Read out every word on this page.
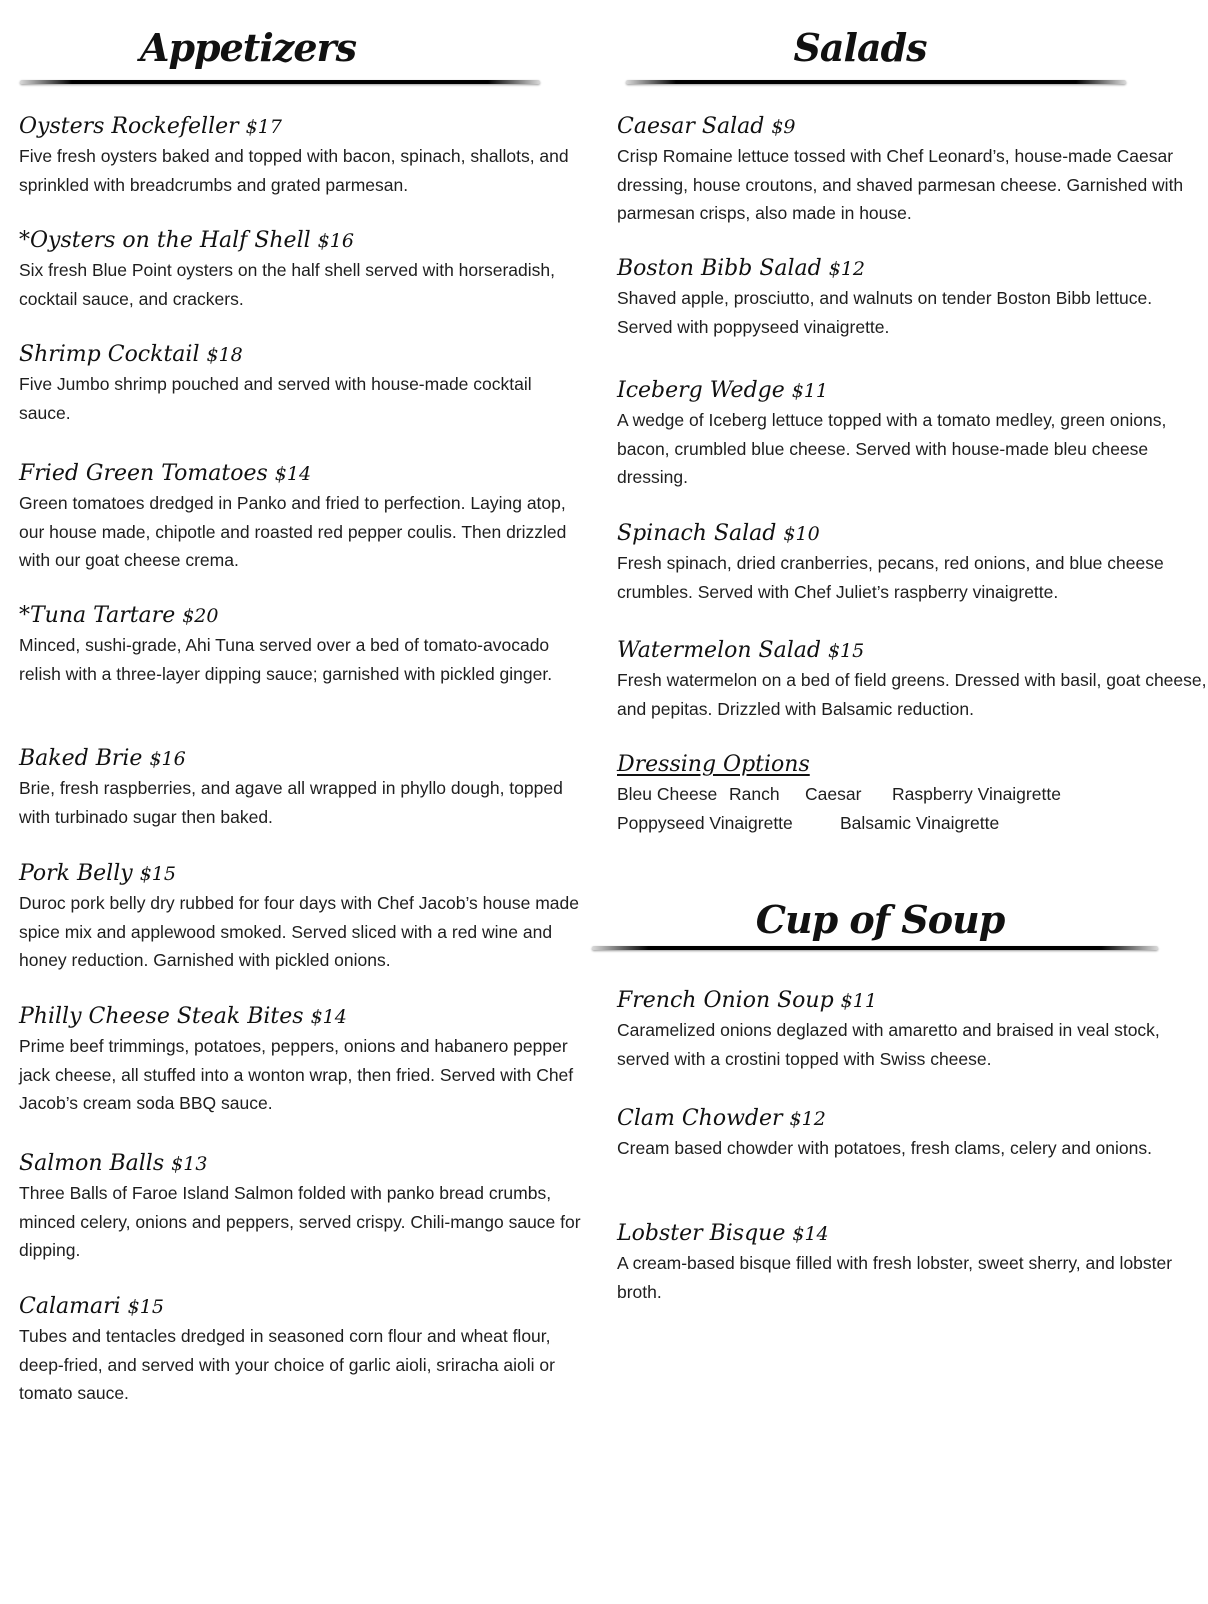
Appetizers
Oysters Rockefeller $17
Five fresh oysters baked and topped with bacon, spinach, shallots, and sprinkled with breadcrumbs and grated parmesan.
*Oysters on the Half Shell $16
Six fresh Blue Point oysters on the half shell served with horseradish, cocktail sauce, and crackers.
Shrimp Cocktail $18
Five Jumbo shrimp pouched and served with house-made cocktail sauce.
Fried Green Tomatoes $14
Green tomatoes dredged in Panko and fried to perfection. Laying atop, our house made, chipotle and roasted red pepper coulis. Then drizzled with our goat cheese crema.
*Tuna Tartare $20
Minced, sushi-grade, Ahi Tuna served over a bed of tomato-avocado relish with a three-layer dipping sauce; garnished with pickled ginger.
Baked Brie $16
Brie, fresh raspberries, and agave all wrapped in phyllo dough, topped with turbinado sugar then baked.
Pork Belly $15
Duroc pork belly dry rubbed for four days with Chef Jacob’s house made spice mix and applewood smoked. Served sliced with a red wine and honey reduction. Garnished with pickled onions.
Philly Cheese Steak Bites $14
Prime beef trimmings, potatoes, peppers, onions and habanero pepper jack cheese, all stuffed into a wonton wrap, then fried. Served with Chef Jacob’s cream soda BBQ sauce.
Salmon Balls $13
Three Balls of Faroe Island Salmon folded with panko bread crumbs, minced celery, onions and peppers, served crispy. Chili-mango sauce for dipping.
Calamari $15
Tubes and tentacles dredged in seasoned corn flour and wheat flour, deep-fried, and served with your choice of garlic aioli, sriracha aioli or tomato sauce.
Salads
Caesar Salad $9
Crisp Romaine lettuce tossed with Chef Leonard’s, house-made Caesar dressing, house croutons, and shaved parmesan cheese. Garnished with parmesan crisps, also made in house.
Boston Bibb Salad $12
Shaved apple, prosciutto, and walnuts on tender Boston Bibb lettuce. Served with poppyseed vinaigrette.
Iceberg Wedge $11
A wedge of Iceberg lettuce topped with a tomato medley, green onions, bacon, crumbled blue cheese. Served with house-made bleu cheese dressing.
Spinach Salad $10
Fresh spinach, dried cranberries, pecans, red onions, and blue cheese crumbles. Served with Chef Juliet’s raspberry vinaigrette.
Watermelon Salad $15
Fresh watermelon on a bed of field greens. Dressed with basil, goat cheese, and pepitas. Drizzled with Balsamic reduction.
Dressing Options
Bleu Cheese Ranch	Caesar	Raspberry Vinaigrette
Poppyseed Vinaigrette	Balsamic Vinaigrette
Cup of Soup
French Onion Soup $11
Caramelized onions deglazed with amaretto and braised in veal stock, served with a crostini topped with Swiss cheese.
Clam Chowder $12
Cream based chowder with potatoes, fresh clams, celery and onions.
Lobster Bisque $14
A cream-based bisque filled with fresh lobster, sweet sherry, and lobster broth.
